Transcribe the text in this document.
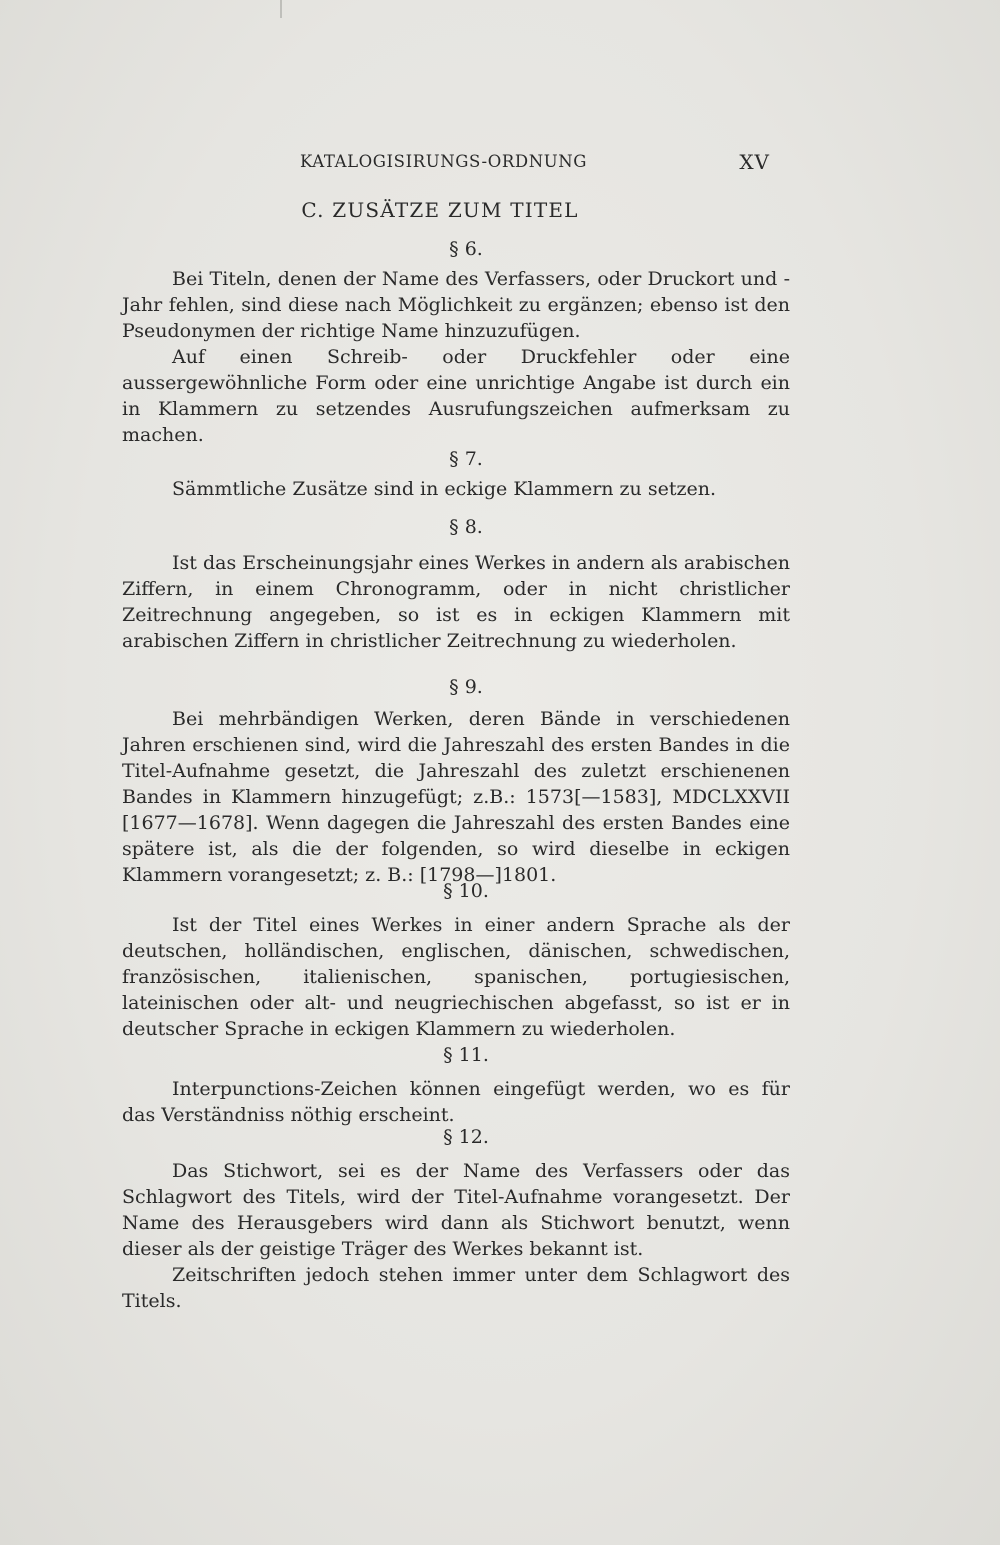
KATALOGISIRUNGS-ORDNUNG	XV
C. ZUSÄTZE ZUM TITEL
§ 6.

Bei Titeln, denen der Name des Verfassers, oder Druckort und -Jahr fehlen, sind diese nach Möglichkeit zu ergänzen; ebenso ist den Pseudonymen der richtige Name hinzuzufügen.

Auf einen Schreib- oder Druckfehler oder eine aussergewöhnliche Form oder eine unrichtige Angabe ist durch ein in Klammern zu setzendes Ausrufungszeichen aufmerksam zu machen.

§ 7.

Sämmtliche Zusätze sind in eckige Klammern zu setzen.

§ 8.

Ist das Erscheinungsjahr eines Werkes in andern als arabischen Ziffern, in einem Chronogramm, oder in nicht christlicher Zeitrechnung angegeben, so ist es in eckigen Klammern mit arabischen Ziffern in christlicher Zeitrechnung zu wiederholen.

§ 9.

Bei mehrbändigen Werken, deren Bände in verschiedenen Jahren erschienen sind, wird die Jahreszahl des ersten Bandes in die Titel-Aufnahme gesetzt, die Jahreszahl des zuletzt erschienenen Bandes in Klammern hinzugefügt; z.B.: 1573[—1583], MDCLXXVII [1677—1678]. Wenn dagegen die Jahreszahl des ersten Bandes eine spätere ist, als die der folgenden, so wird dieselbe in eckigen Klammern vorangesetzt; z. B.: [1798—]1801.

§ 10.

Ist der Titel eines Werkes in einer andern Sprache als der deutschen, holländischen, englischen, dänischen, schwedischen, französischen, italienischen, spanischen, portugiesischen, lateinischen oder alt- und neugriechischen abgefasst, so ist er in deutscher Sprache in eckigen Klammern zu wiederholen.

§ 11.

Interpunctions-Zeichen können eingefügt werden, wo es für das Verständniss nöthig erscheint.

§ 12.

Das Stichwort, sei es der Name des Verfassers oder das Schlagwort des Titels, wird der Titel-Aufnahme vorangesetzt. Der Name des Herausgebers wird dann als Stichwort benutzt, wenn dieser als der geistige Träger des Werkes bekannt ist.

Zeitschriften jedoch stehen immer unter dem Schlagwort des Titels.
